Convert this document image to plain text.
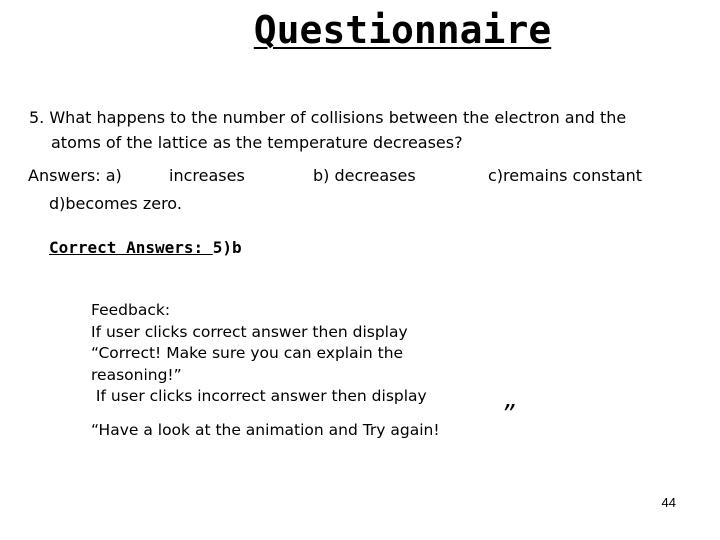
Questionnaire
5. What happens to the number of collisions between the electron and the
atoms of the lattice as the temperature decreases?
Answers: a)	increases	b) decreases	c)remains constant
d)becomes zero.
Correct Answers: 5)b
Feedback:
If user clicks correct answer then display
“Correct! Make sure you can explain the
reasoning!”
If user clicks incorrect answer then display
“Have a look at the animation and Try again! ”
44
